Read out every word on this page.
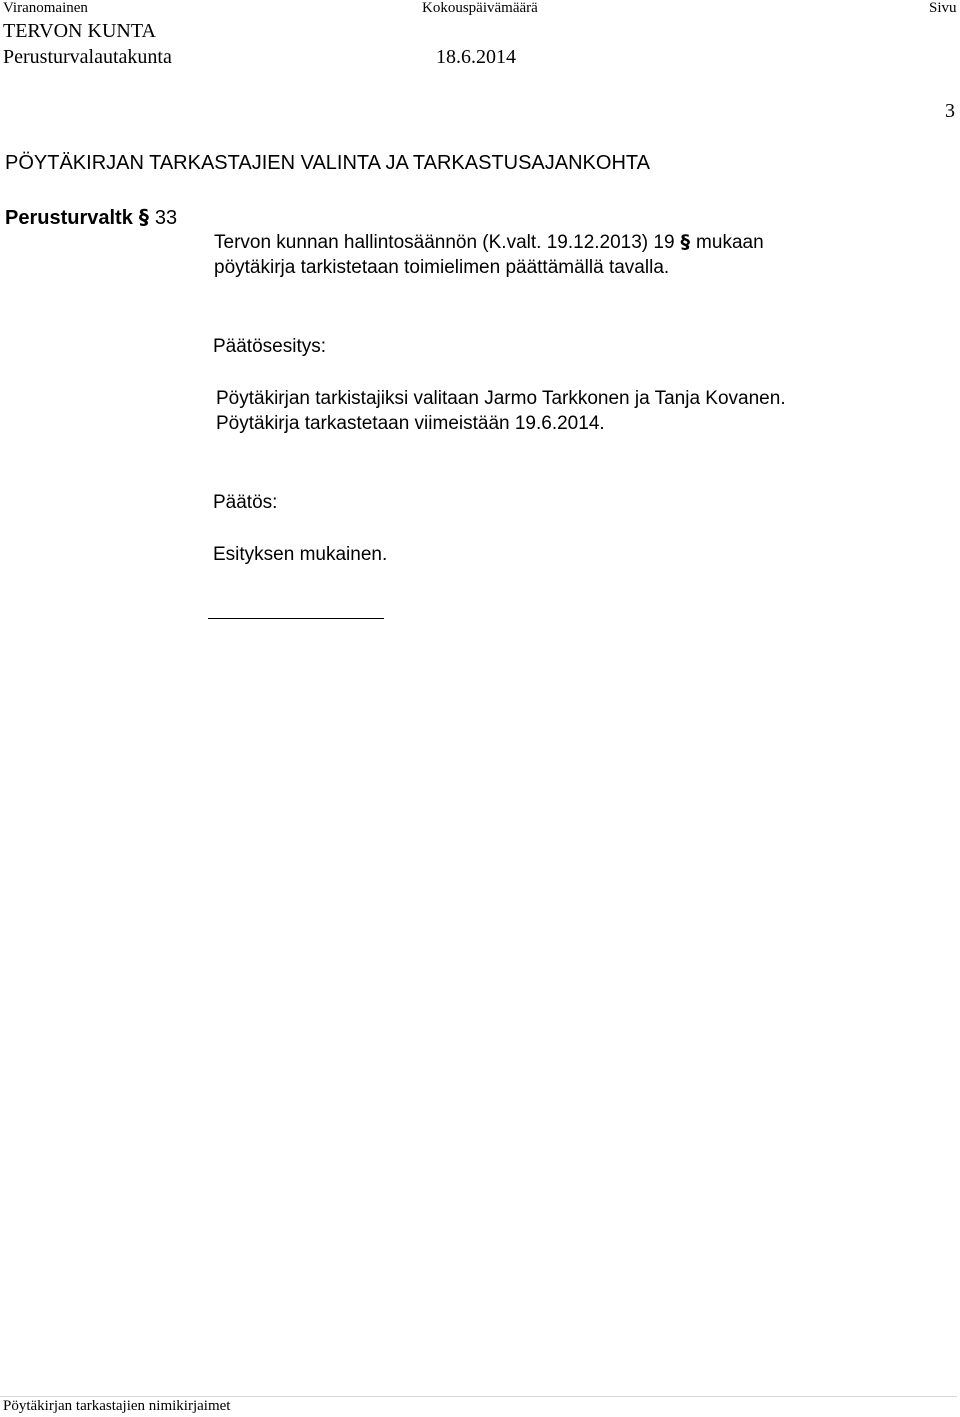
Viranomainen	Kokouspäivämäärä	Sivu
TERVON KUNTA
Perusturvalautakunta	18.6.2014
3
PÖYTÄKIRJAN TARKASTAJIEN VALINTA JA TARKASTUSAJANKOHTA
Perusturvaltk § 33
Tervon kunnan hallintosäännön (K.valt. 19.12.2013) 19 § mukaan
pöytäkirja tarkistetaan toimielimen päättämällä tavalla.
Päätösesitys:
Pöytäkirjan tarkistajiksi valitaan Jarmo Tarkkonen ja Tanja Kovanen.
Pöytäkirja tarkastetaan viimeistään 19.6.2014.
Päätös:
Esityksen mukainen.
Pöytäkirjan tarkastajien nimikirjaimet
